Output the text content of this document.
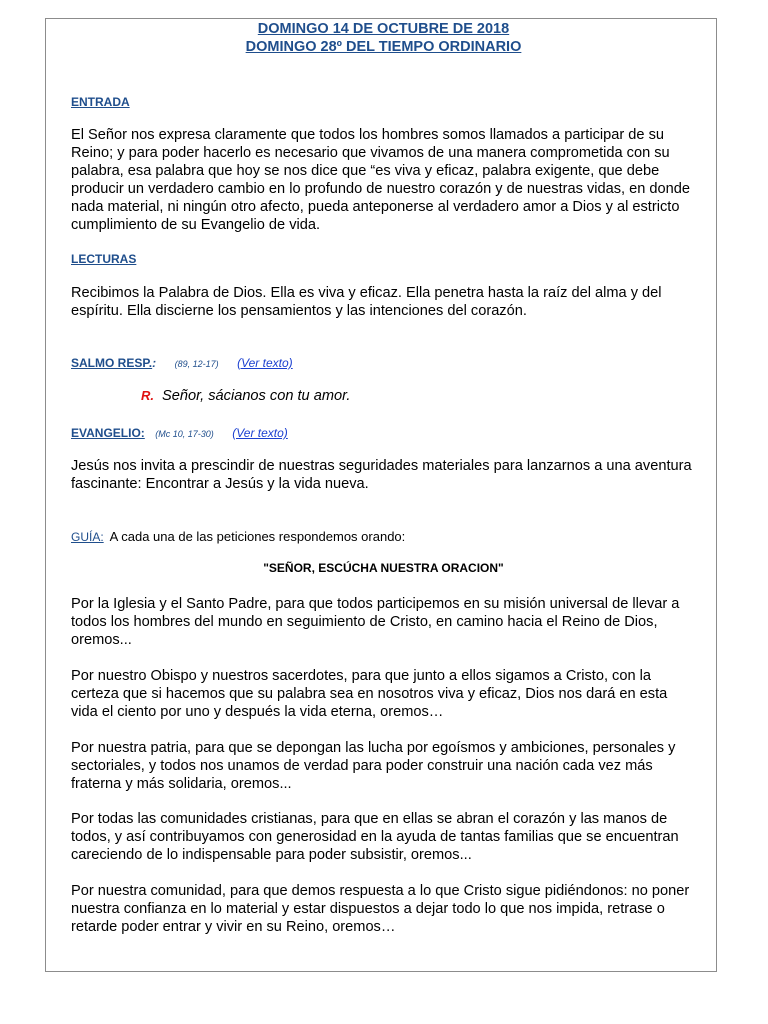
DOMINGO 14 DE OCTUBRE DE 2018
DOMINGO 28º DEL TIEMPO ORDINARIO
ENTRADA

El Señor nos expresa claramente que todos los hombres somos llamados a participar de su Reino; y para poder hacerlo es necesario que vivamos de una manera comprometida con su palabra, esa palabra que hoy se nos dice que “es viva y eficaz, palabra exigente, que debe producir un verdadero cambio en lo profundo de nuestro corazón y de nuestras vidas, en donde nada material, ni ningún otro afecto, pueda anteponerse al verdadero amor a Dios y al estricto cumplimiento de su Evangelio de vida.

LECTURAS

Recibimos la Palabra de Dios. Ella es viva y eficaz. Ella penetra hasta la raíz del alma y del espíritu. Ella discierne los pensamientos y las intenciones del corazón.

SALMO RESP.: (89, 12-17) (Ver texto)
R. Señor, sácianos con tu amor.
EVANGELIO: (Mc 10, 17-30) (Ver texto)

Jesús nos invita a prescindir de nuestras seguridades materiales para lanzarnos a una aventura fascinante: Encontrar a Jesús y la vida nueva.

GUÍA: A cada una de las peticiones respondemos orando:
"SEÑOR, ESCÚCHA NUESTRA ORACION"

Por la Iglesia y el Santo Padre, para que todos participemos en su misión universal de llevar a todos los hombres del mundo en seguimiento de Cristo, en camino hacia el Reino de Dios, oremos...

Por nuestro Obispo y nuestros sacerdotes, para que junto a ellos sigamos a Cristo, con la certeza que si hacemos que su palabra sea en nosotros viva y eficaz, Dios nos dará en esta vida el ciento por uno y después la vida eterna, oremos…

Por nuestra patria, para que se depongan las lucha por egoísmos y ambiciones, personales y sectoriales, y todos nos unamos de verdad para poder construir una nación cada vez más fraterna y más solidaria, oremos...

Por todas las comunidades cristianas, para que en ellas se abran el corazón y las manos de todos, y así contribuyamos con generosidad en la ayuda de tantas familias que se encuentran careciendo de lo indispensable para poder subsistir, oremos...

Por nuestra comunidad, para que demos respuesta a lo que Cristo sigue pidiéndonos: no poner nuestra confianza en lo material y estar dispuestos a dejar todo lo que nos impida, retrase o retarde poder entrar y vivir en su Reino, oremos…
